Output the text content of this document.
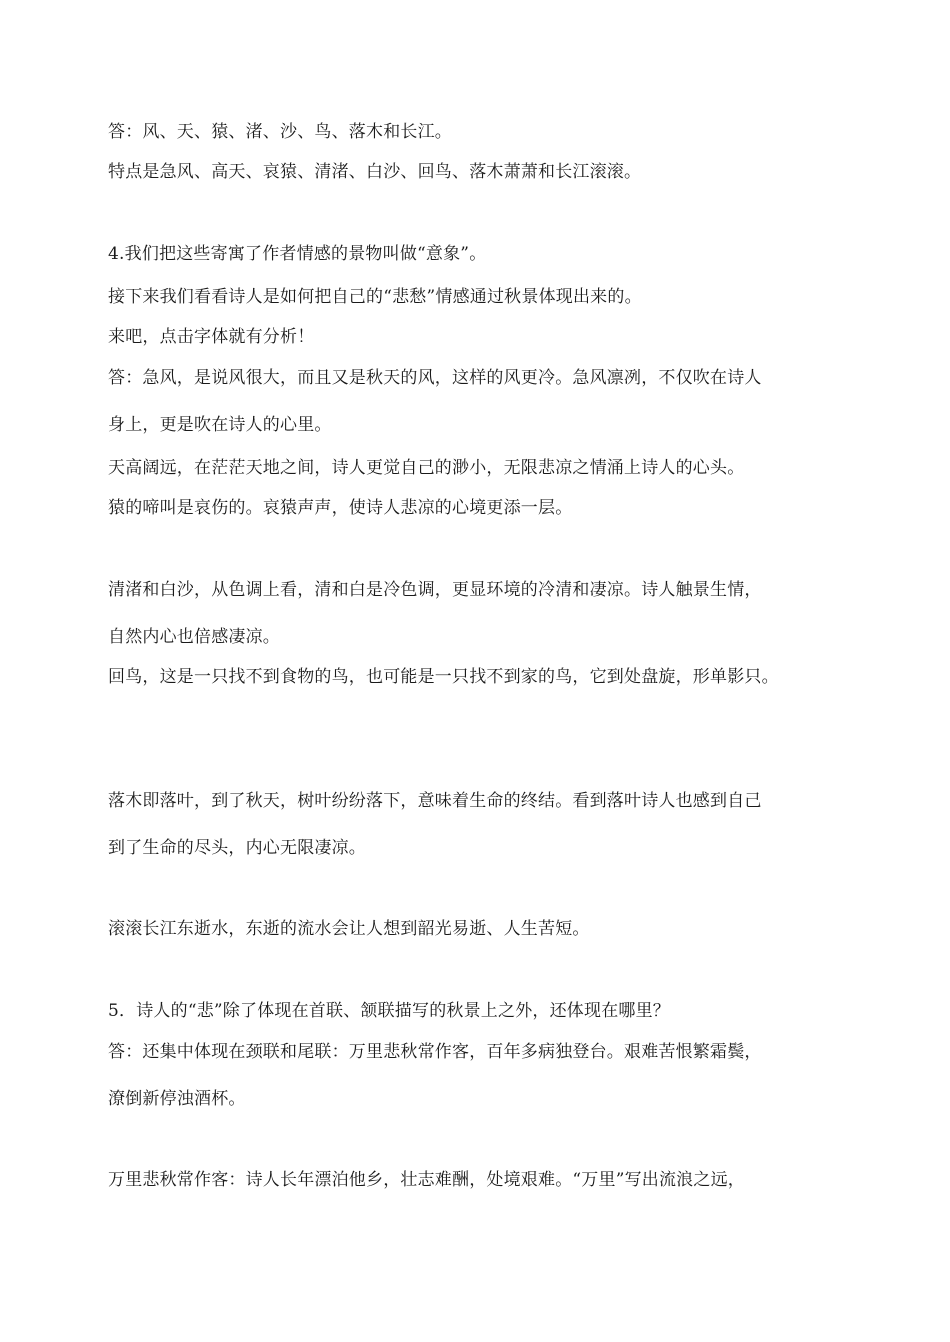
答：风、天、猿、渚、沙、鸟、落木和长江。
特点是急风、高天、哀猿、清渚、白沙、回鸟、落木萧萧和长江滚滚。
4.我们把这些寄寓了作者情感的景物叫做“意象”。
接下来我们看看诗人是如何把自己的“悲愁”情感通过秋景体现出来的。
来吧，点击字体就有分析！
答：急风，是说风很大，而且又是秋天的风，这样的风更冷。急风凛冽，不仅吹在诗人
身上，更是吹在诗人的心里。
天高阔远，在茫茫天地之间，诗人更觉自己的渺小，无限悲凉之情涌上诗人的心头。
猿的啼叫是哀伤的。哀猿声声，使诗人悲凉的心境更添一层。
清渚和白沙，从色调上看，清和白是冷色调，更显环境的冷清和凄凉。诗人触景生情，
自然内心也倍感凄凉。
回鸟，这是一只找不到食物的鸟，也可能是一只找不到家的鸟，它到处盘旋，形单影只。
落木即落叶，到了秋天，树叶纷纷落下，意味着生命的终结。看到落叶诗人也感到自己
到了生命的尽头，内心无限凄凉。
滚滚长江东逝水，东逝的流水会让人想到韶光易逝、人生苦短。
5．诗人的“悲”除了体现在首联、颔联描写的秋景上之外，还体现在哪里？
答：还集中体现在颈联和尾联：万里悲秋常作客，百年多病独登台。艰难苦恨繁霜鬓，
潦倒新停浊酒杯。
万里悲秋常作客：诗人长年漂泊他乡，壮志难酬，处境艰难。“万里”写出流浪之远，
